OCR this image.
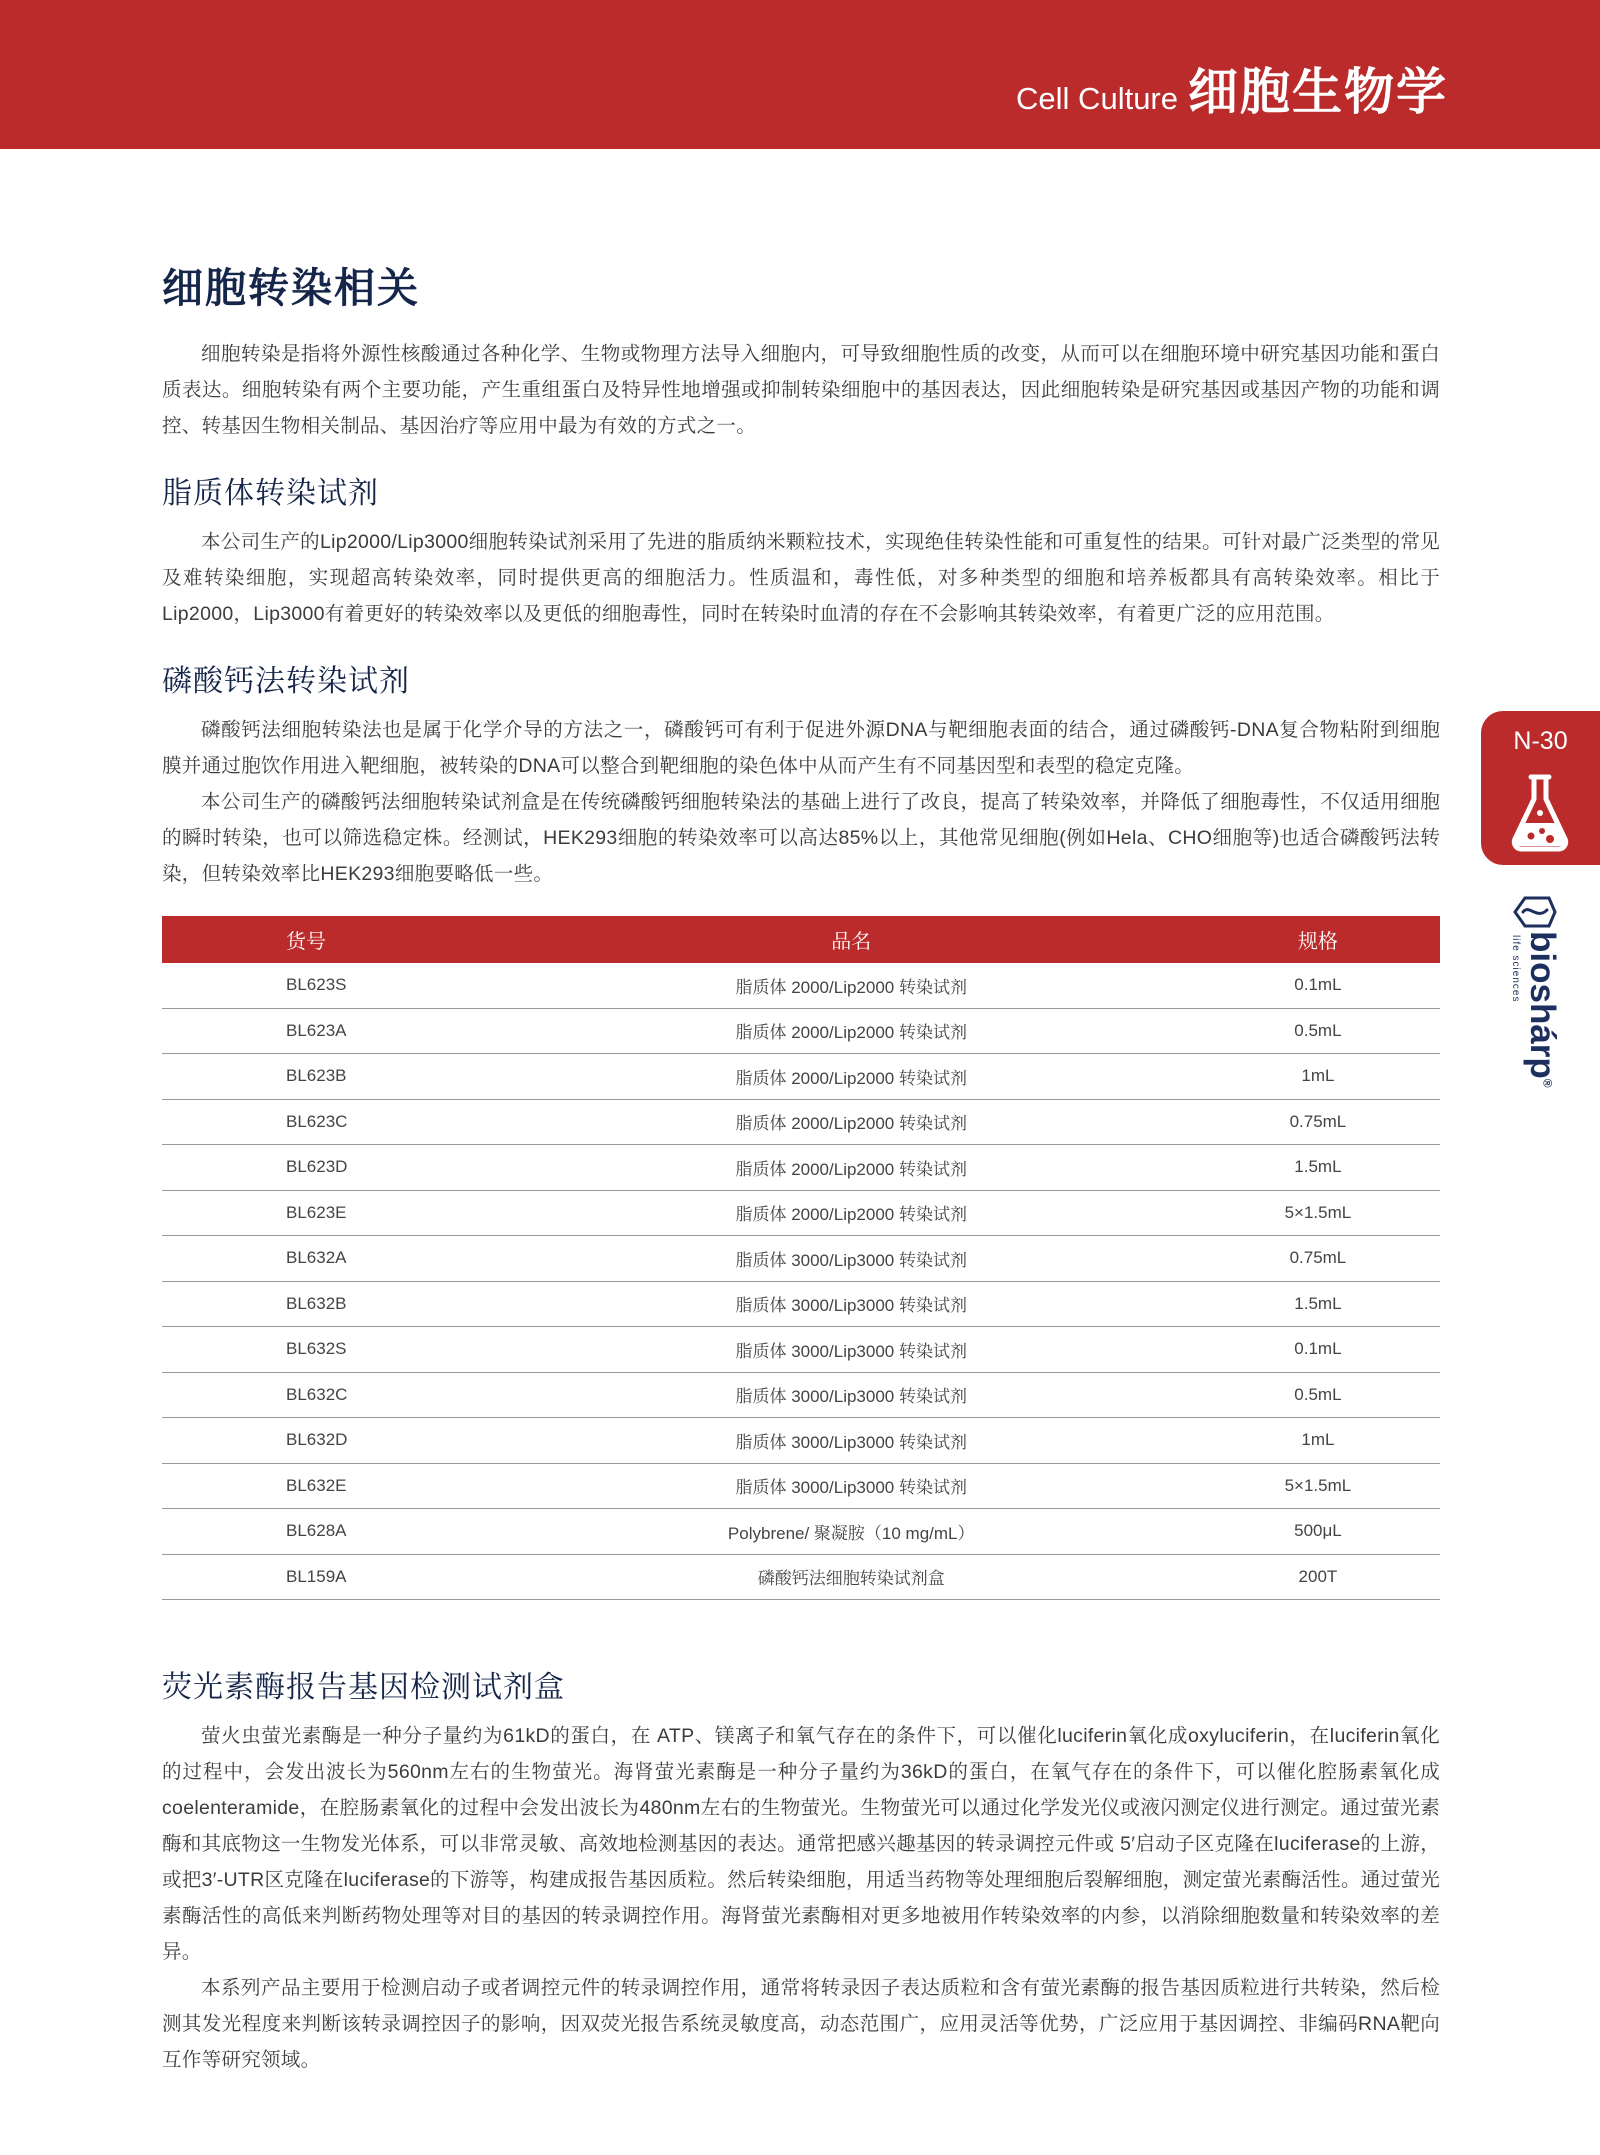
Cell Culture 细胞生物学
细胞转染相关

细胞转染是指将外源性核酸通过各种化学、生物或物理方法导入细胞内，可导致细胞性质的改变，从而可以在细胞环境中研究基因功能和蛋白质表达。细胞转染有两个主要功能，产生重组蛋白及特异性地增强或抑制转染细胞中的基因表达，因此细胞转染是研究基因或基因产物的功能和调控、转基因生物相关制品、基因治疗等应用中最为有效的方式之一。

脂质体转染试剂

本公司生产的Lip2000/Lip3000细胞转染试剂采用了先进的脂质纳米颗粒技术，实现绝佳转染性能和可重复性的结果。可针对最广泛类型的常见及难转染细胞，实现超高转染效率，同时提供更高的细胞活力。性质温和，毒性低，对多种类型的细胞和培养板都具有高转染效率。相比于Lip2000，Lip3000有着更好的转染效率以及更低的细胞毒性，同时在转染时血清的存在不会影响其转染效率，有着更广泛的应用范围。

磷酸钙法转染试剂

磷酸钙法细胞转染法也是属于化学介导的方法之一，磷酸钙可有利于促进外源DNA与靶细胞表面的结合，通过磷酸钙-DNA复合物粘附到细胞膜并通过胞饮作用进入靶细胞，被转染的DNA可以整合到靶细胞的染色体中从而产生有不同基因型和表型的稳定克隆。

本公司生产的磷酸钙法细胞转染试剂盒是在传统磷酸钙细胞转染法的基础上进行了改良，提高了转染效率，并降低了细胞毒性，不仅适用细胞的瞬时转染，也可以筛选稳定株。经测试，HEK293细胞的转染效率可以高达85%以上，其他常见细胞(例如Hela、CHO细胞等)也适合磷酸钙法转染，但转染效率比HEK293细胞要略低一些。

货号	品名	规格
BL623S	脂质体 2000/Lip2000 转染试剂	0.1mL
BL623A	脂质体 2000/Lip2000 转染试剂	0.5mL
BL623B	脂质体 2000/Lip2000 转染试剂	1mL
BL623C	脂质体 2000/Lip2000 转染试剂	0.75mL
BL623D	脂质体 2000/Lip2000 转染试剂	1.5mL
BL623E	脂质体 2000/Lip2000 转染试剂	5×1.5mL
BL632A	脂质体 3000/Lip3000 转染试剂	0.75mL
BL632B	脂质体 3000/Lip3000 转染试剂	1.5mL
BL632S	脂质体 3000/Lip3000 转染试剂	0.1mL
BL632C	脂质体 3000/Lip3000 转染试剂	0.5mL
BL632D	脂质体 3000/Lip3000 转染试剂	1mL
BL632E	脂质体 3000/Lip3000 转染试剂	5×1.5mL
BL628A	Polybrene/ 聚凝胺（10 mg/mL）	500μL
BL159A	磷酸钙法细胞转染试剂盒	200T
荧光素酶报告基因检测试剂盒

萤火虫萤光素酶是一种分子量约为61kD的蛋白，在 ATP、镁离子和氧气存在的条件下，可以催化luciferin氧化成oxyluciferin，在luciferin氧化的过程中，会发出波长为560nm左右的生物萤光。海肾萤光素酶是一种分子量约为36kD的蛋白，在氧气存在的条件下，可以催化腔肠素氧化成coelenteramide，在腔肠素氧化的过程中会发出波长为480nm左右的生物萤光。生物萤光可以通过化学发光仪或液闪测定仪进行测定。通过萤光素酶和其底物这一生物发光体系，可以非常灵敏、高效地检测基因的表达。通常把感兴趣基因的转录调控元件或 5′启动子区克隆在luciferase的上游，或把3′-UTR区克隆在luciferase的下游等，构建成报告基因质粒。然后转染细胞，用适当药物等处理细胞后裂解细胞，测定萤光素酶活性。通过萤光素酶活性的高低来判断药物处理等对目的基因的转录调控作用。海肾萤光素酶相对更多地被用作转染效率的内参，以消除细胞数量和转染效率的差异。

本系列产品主要用于检测启动子或者调控元件的转录调控作用，通常将转录因子表达质粒和含有萤光素酶的报告基因质粒进行共转染，然后检测其发光程度来判断该转录调控因子的影响，因双荧光报告系统灵敏度高，动态范围广，应用灵活等优势，广泛应用于基因调控、非编码RNA靶向互作等研究领域。

N-30
bioshárp®
life sciences
